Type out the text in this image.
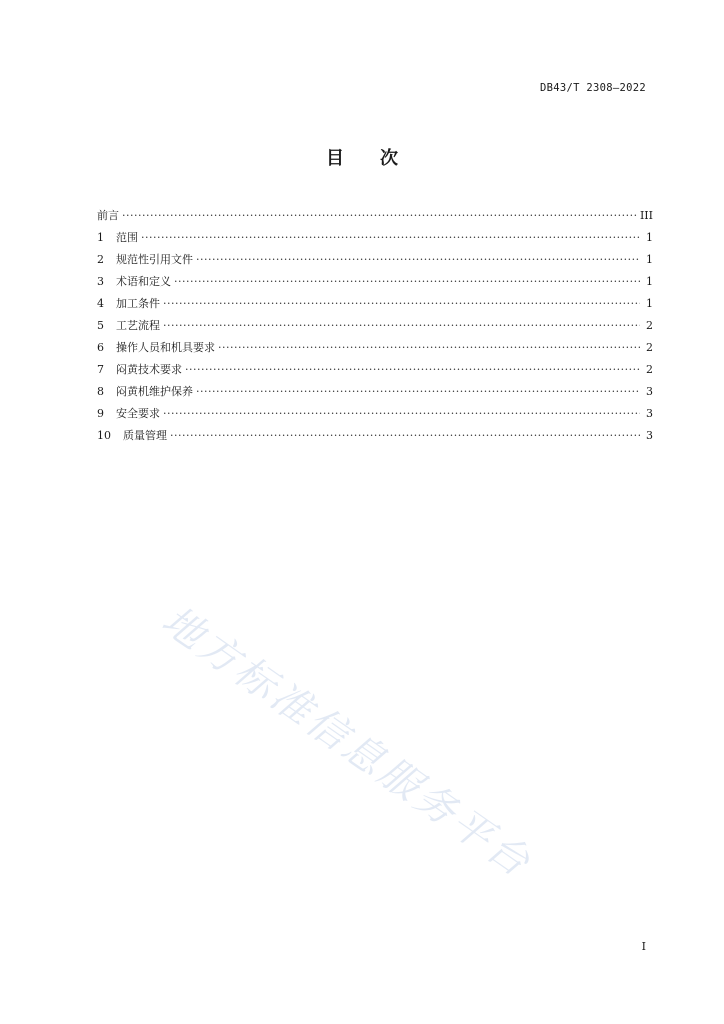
DB43/T 2308—2022
目次
前言 ·····	III
1	范围 ·····	1
2	规范性引用文件 ·····	1
3	术语和定义 ·····	1
4	加工条件 ·····	1
5	工艺流程 ·····	2
6	操作人员和机具要求 ·····	2
7	闷黄技术要求 ·····	2
8	闷黄机维护保养 ·····	3
9	安全要求 ·····	3
10	质量管理 ·····	3
地方标准信息服务平台
I
